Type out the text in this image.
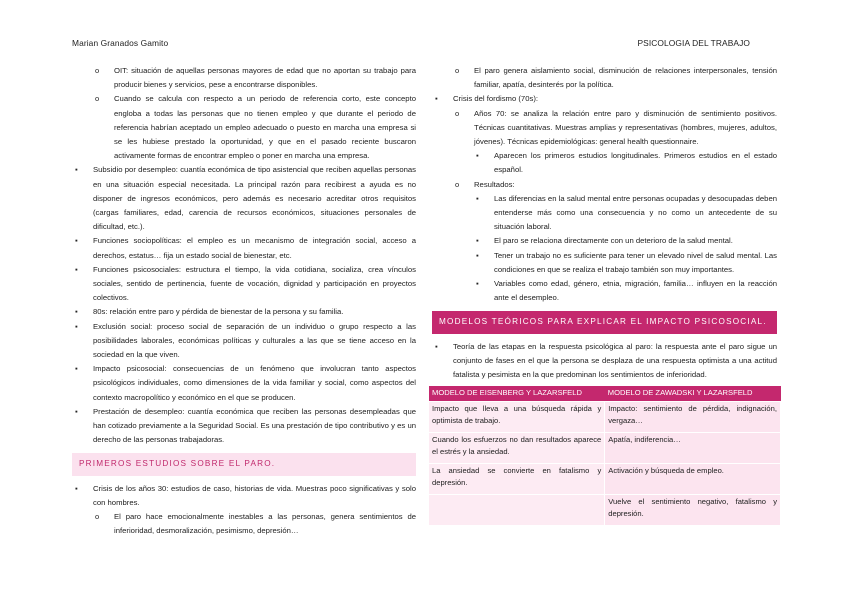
Marian Granados Gamito	PSICOLOGIA DEL TRABAJO
o OIT: situación de aquellas personas mayores de edad que no aportan su trabajo para producir bienes y servicios, pese a encontrarse disponibles.
o Cuando se calcula con respecto a un periodo de referencia corto, este concepto engloba a todas las personas que no tienen empleo y que durante el periodo de referencia habrían aceptado un empleo adecuado o puesto en marcha una empresa si se les hubiese prestado la oportunidad, y que en el pasado reciente buscaron activamente formas de encontrar empleo o poner en marcha una empresa.
▪ Subsidio por desempleo: cuantía económica de tipo asistencial que reciben aquellas personas en una situación especial necesitada. La principal razón para recibirest a ayuda es no disponer de ingresos económicos, pero además es necesario acreditar otros requisitos (cargas familiares, edad, carencia de recursos económicos, situaciones personales de dificultad, etc.).
▪ Funciones sociopolíticas: el empleo es un mecanismo de integración social, acceso a derechos, estatus… fija un estado social de bienestar, etc.
▪ Funciones psicosociales: estructura el tiempo, la vida cotidiana, socializa, crea vínculos sociales, sentido de pertinencia, fuente de vocación, dignidad y participación en proyectos colectivos.
▪ 80s: relación entre paro y pérdida de bienestar de la persona y su familia.
▪ Exclusión social: proceso social de separación de un individuo o grupo respecto a las posibilidades laborales, económicas políticas y culturales a las que se tiene acceso en la sociedad en la que viven.
▪ Impacto psicosocial: consecuencias de un fenómeno que involucran tanto aspectos psicológicos individuales, como dimensiones de la vida familiar y social, como aspectos del contexto macropolítico y económico en el que se producen.
▪ Prestación de desempleo: cuantía económica que reciben las personas desempleadas que han cotizado previamente a la Seguridad Social. Es una prestación de tipo contributivo y es un derecho de las personas trabajadoras.
PRIMEROS ESTUDIOS SOBRE EL PARO.
▪ Crisis de los años 30: estudios de caso, historias de vida. Muestras poco significativas y solo con hombres.
o El paro hace emocionalmente inestables a las personas, genera sentimientos de inferioridad, desmoralización, pesimismo, depresión…
o El paro genera aislamiento social, disminución de relaciones interpersonales, tensión familiar, apatía, desinterés por la política.
▪ Crisis del fordismo (70s):
o Años 70: se analiza la relación entre paro y disminución de sentimiento positivos. Técnicas cuantitativas. Muestras amplias y representativas (hombres, mujeres, adultos, jóvenes). Técnicas epidemiológicas: general health questionnaire.
▪ Aparecen los primeros estudios longitudinales. Primeros estudios en el estado español.
o Resultados:
▪ Las diferencias en la salud mental entre personas ocupadas y desocupadas deben entenderse más como una consecuencia y no como un antecedente de su situación laboral.
▪ El paro se relaciona directamente con un deterioro de la salud mental.
▪ Tener un trabajo no es suficiente para tener un elevado nivel de salud mental. Las condiciones en que se realiza el trabajo también son muy importantes.
▪ Variables como edad, género, etnia, migración, familia… influyen en la reacción ante el desempleo.
MODELOS TEÓRICOS PARA EXPLICAR EL IMPACTO PSICOSOCIAL.
▪ Teoría de las etapas en la respuesta psicológica al paro: la respuesta ante el paro sigue un conjunto de fases en el que la persona se desplaza de una respuesta optimista a una actitud fatalista y pesimista en la que predominan los sentimientos de inferioridad.
MODELO DE EISENBERG Y LAZARSFELD	MODELO DE ZAWADSKI Y LAZARSFELD
Impacto que lleva a una búsqueda rápida y optimista de trabajo.	Impacto: sentimiento de pérdida, indignación, vergaza…
Cuando los esfuerzos no dan resultados aparece el estrés y la ansiedad.	Apatía, indiferencia…
La ansiedad se convierte en fatalismo y depresión.	Activación y búsqueda de empleo.
	Vuelve el sentimiento negativo, fatalismo y depresión.
